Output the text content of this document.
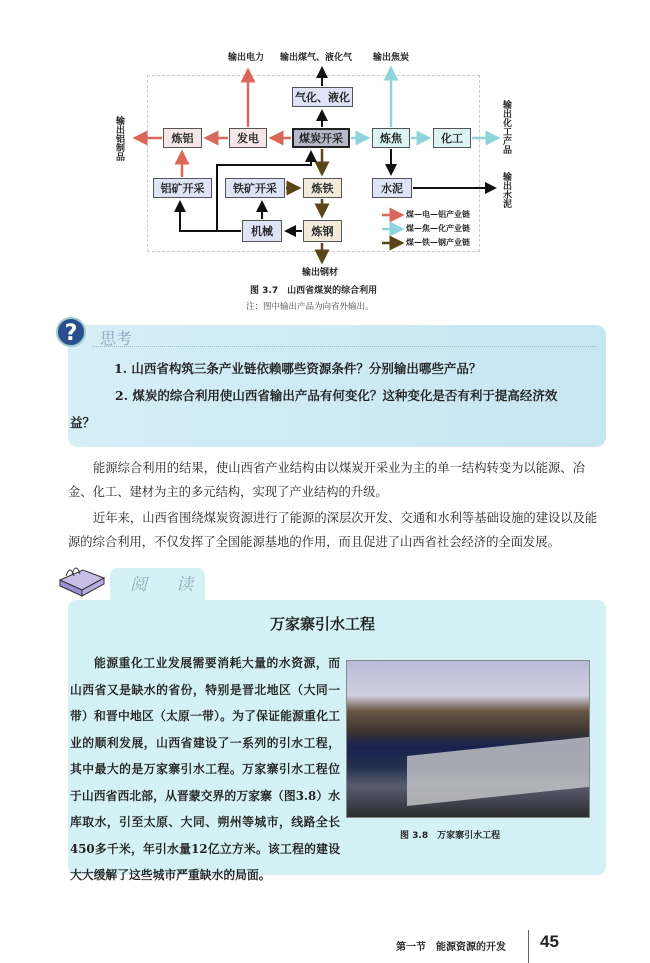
气化、液化
煤炭开采
发电
炼铝	炼焦	化工
铝矿开采	铁矿开采	炼铁	水泥
机械	炼钢
输出电力 输出煤气、液化气 输出焦炭
输出铝制品	输出化工产品
输出水泥
输出钢材
煤—电—铝产业链
煤—焦—化产业链
煤—铁—钢产业链
图 3.7　山西省煤炭的综合利用
注：图中输出产品为向省外输出。
?	思考
1. 山西省构筑三条产业链依赖哪些资源条件？分别输出哪些产品？
2. 煤炭的综合利用使山西省输出产品有何变化？这种变化是否有利于提高经济效益？
能源综合利用的结果，使山西省产业结构由以煤炭开采业为主的单一结构转变为以能源、冶金、化工、建材为主的多元结构，实现了产业结构的升级。
近年来，山西省围绕煤炭资源进行了能源的深层次开发、交通和水利等基础设施的建设以及能源的综合利用，不仅发挥了全国能源基地的作用，而且促进了山西省社会经济的全面发展。
阅　读
万家寨引水工程
能源重化工业发展需要消耗大量的水资源，而山西省又是缺水的省份，特别是晋北地区（大同一带）和晋中地区（太原一带）。为了保证能源重化工业的顺利发展，山西省建设了一系列的引水工程，其中最大的是万家寨引水工程。万家寨引水工程位于山西省西北部，从晋蒙交界的万家寨（图3.8）水库取水，引至太原、大同、朔州等城市，线路全长450多千米，年引水量12亿立方米。该工程的建设大大缓解了这些城市严重缺水的局面。
图 3.8　万家寨引水工程
第一节　能源资源的开发 45
